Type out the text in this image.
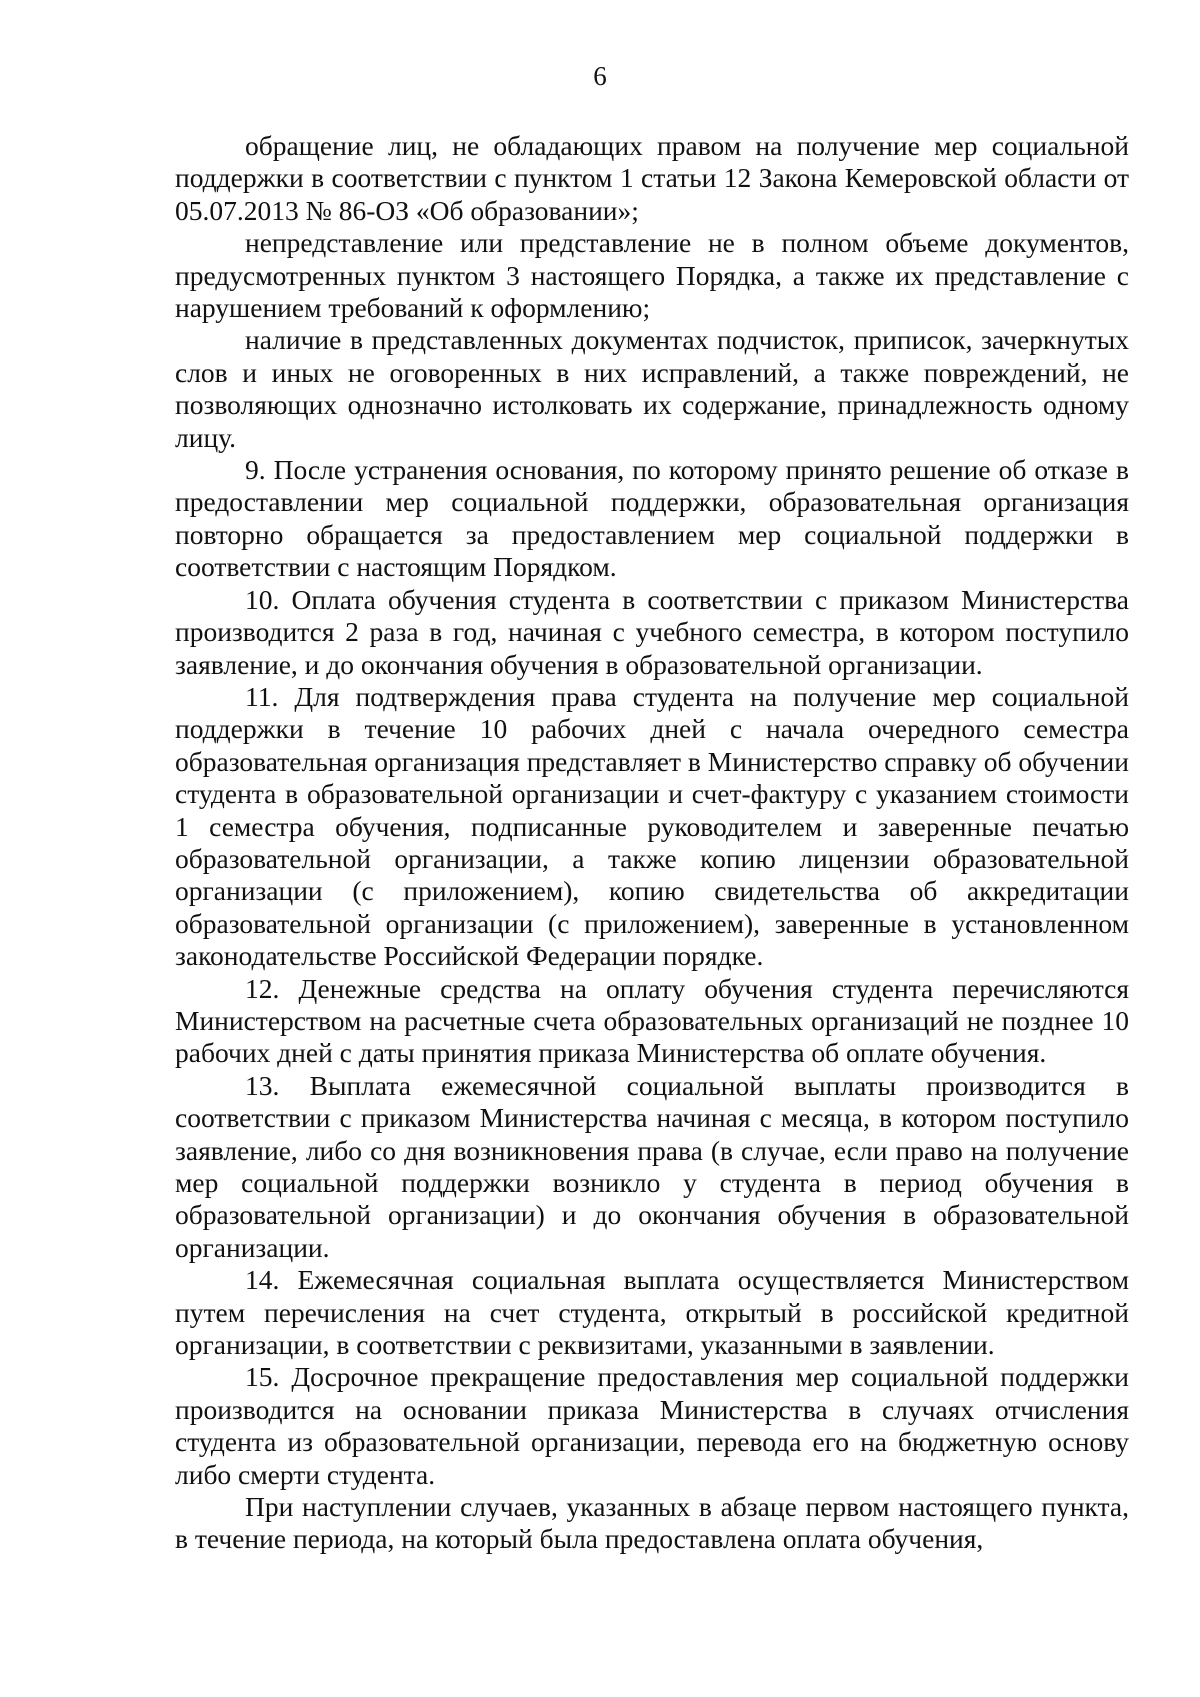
6

обращение лиц, не обладающих правом на получение мер социальной поддержки в соответствии с пунктом 1 статьи 12 Закона Кемеровской области от 05.07.2013 № 86-ОЗ «Об образовании»;

непредставление или представление не в полном объеме документов, предусмотренных пунктом 3 настоящего Порядка, а также их представление с нарушением требований к оформлению;

наличие в представленных документах подчисток, приписок, зачеркнутых слов и иных не оговоренных в них исправлений, а также повреждений, не позволяющих однозначно истолковать их содержание, принадлежность одному лицу.

9. После устранения основания, по которому принято решение об отказе в предоставлении мер социальной поддержки, образовательная организация повторно обращается за предоставлением мер социальной поддержки в соответствии с настоящим Порядком.

10. Оплата обучения студента в соответствии с приказом Министерства производится 2 раза в год, начиная с учебного семестра, в котором поступило заявление, и до окончания обучения в образовательной организации.

11. Для подтверждения права студента на получение мер социальной поддержки в течение 10 рабочих дней с начала очередного семестра образовательная организация представляет в Министерство справку об обучении студента в образовательной организации и счет-фактуру с указанием стоимости 1 семестра обучения, подписанные руководителем и заверенные печатью образовательной организации, а также копию лицензии образовательной организации (с приложением), копию свидетельства об аккредитации образовательной организации (с приложением), заверенные в установленном законодательстве Российской Федерации порядке.

12. Денежные средства на оплату обучения студента перечисляются Министерством на расчетные счета образовательных организаций не позднее 10 рабочих дней с даты принятия приказа Министерства об оплате обучения.

13. Выплата ежемесячной социальной выплаты производится в соответствии с приказом Министерства начиная с месяца, в котором поступило заявление, либо со дня возникновения права (в случае, если право на получение мер социальной поддержки возникло у студента в период обучения в образовательной организации) и до окончания обучения в образовательной организации.

14. Ежемесячная социальная выплата осуществляется Министерством путем перечисления на счет студента, открытый в российской кредитной организации, в соответствии с реквизитами, указанными в заявлении.

15. Досрочное прекращение предоставления мер социальной поддержки производится на основании приказа Министерства в случаях отчисления студента из образовательной организации, перевода его на бюджетную основу либо смерти студента.

При наступлении случаев, указанных в абзаце первом настоящего пункта, в течение периода, на который была предоставлена оплата обучения,
